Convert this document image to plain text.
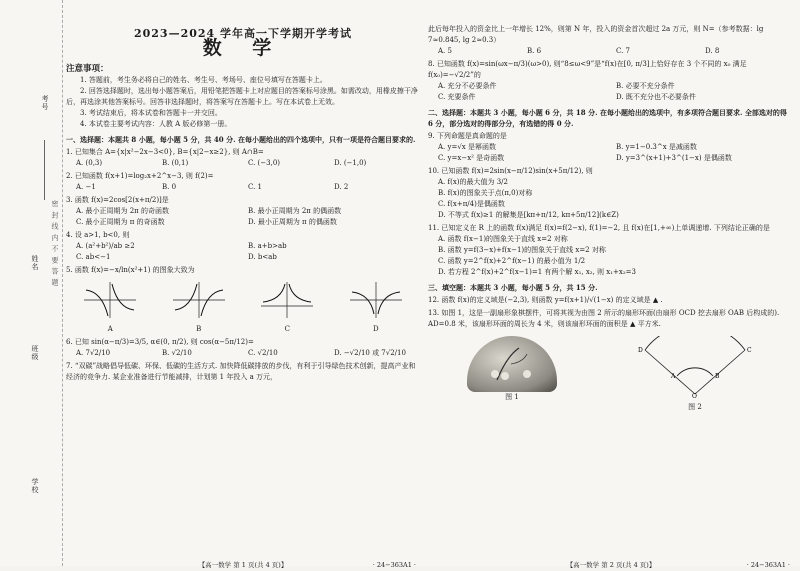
考号
姓名
班级
学校
密 封 线 内 不 要 答 题
2023—2024 学年高一下学期开学考试
数 学
注意事项：

1. 答题前，考生务必将自己的姓名、考生号、考场号、座位号填写在答题卡上。

2. 回答选择题时，选出每小题答案后，用铅笔把答题卡上对应题目的答案标号涂黑。如需改动，用橡皮擦干净后，再选涂其他答案标号。回答非选择题时，将答案写在答题卡上。写在本试卷上无效。

3. 考试结束后，将本试卷和答题卡一并交回。

4. 本试卷主要考试内容：人教 A 版必修第一册。

一、选择题：本题共 8 小题，每小题 5 分，共 40 分. 在每小题给出的四个选项中，只有一项是符合题目要求的.
1. 已知集合 A={x|x²−2x−3<0}, B={x|2−x≥2}, 则 A∩B=
A. (0,3)	B. (0,1)	C. (−3,0)	D. (−1,0)
2. 已知函数 f(x+1)=log₂x+2^x−3, 则 f(2)=
A. −1	B. 0	C. 1	D. 2
3. 函数 f(x)=2cos[2(x+π/2)]是
A. 最小正周期为 2π 的奇函数	B. 最小正周期为 2π 的偶函数
C. 最小正周期为 π 的奇函数	D. 最小正周期为 π 的偶函数
4. 设 a>1, b<0, 则
A. (a²+b²)/ab ≥2	B. a+b>ab
C. ab<−1	D. b<ab
5. 函数 f(x)=−x/ln(x²+1) 的图象大致为
A	B	C	D
6. 已知 sin(α−π/3)=3/5, α∈(0, π/2), 则 cos(α−5π/12)=
A. 7√2/10	B. √2/10	C. √2/10	D. −√2/10 或 7√2/10
7. “双碳”战略倡导低碳、环保、低碳的生活方式. 加快降低碳排放的步伐，有利于引导绿色技术创新，提高产业和经济的竞争力. 某企业准备进行节能减排，计划第 1 年投入 a 万元，
【高一数学 第 1 页(共 4 页)】	· 24−363A1 ·
此后每年投入的资金比上一年增长 12%，则第 N 年，投入的资金首次超过 2a 万元，则 N=（参考数据：lg 7≈0.845, lg 2≈0.3）
A. 5	B. 6	C. 7	D. 8
8. 已知函数 f(x)=sin(ωx−π/3)(ω>0), 则“8≤ω<9”是“f(x)在[0, π/3]上恰好存在 3 个不同的 x₀ 满足 f(x₀)=−√2/2”的
A. 充分不必要条件	B. 必要不充分条件
C. 充要条件	D. 既不充分也不必要条件
二、选择题：本题共 3 小题，每小题 6 分，共 18 分. 在每小题给出的选项中，有多项符合题目要求. 全部选对的得 6 分，部分选对的得部分分，有选错的得 0 分.
9. 下列命题是真命题的是
A. y=√x 是幂函数	B. y=1−0.3^x 是减函数
C. y=x−x² 是奇函数	D. y=3^(x+1)+3^(1−x) 是偶函数
10. 已知函数 f(x)=2sin(x−π/12)sin(x+5π/12), 则
A. f(x)的最大值为 3/2
B. f(x)的图象关于点(π,0)对称
C. f(x+π/4)是偶函数
D. 不等式 f(x)≥1 的解集是[kπ+π/12, kπ+5π/12](k∈Z)
11. 已知定义在 R 上的函数 f(x)满足 f(x)=f(2−x), f(1)=−2, 且 f(x)在[1,+∞)上单调递增. 下列结论正确的是
A. 函数 f(x−1)的图象关于直线 x=2 对称
B. 函数 y=f(3−x)+f(x−1)的图象关于直线 x=2 对称
C. 函数 y=2^f(x)+2^f(x−1) 的最小值为 1/2
D. 若方程 2^f(x)+2^f(x−1)=1 有两个解 x₁, x₂, 则 x₁+x₂=3
三、填空题：本题共 3 小题，每小题 5 分，共 15 分.
12. 函数 f(x)的定义域是(−2,3), 则函数 y=f(x+1)/√(1−x) 的定义域是 ▲ .
13. 如图 1，这是一副扇形象棋摆件，可将其视为由图 2 所示的扇形环面(由扇形 OCD 挖去扇形 OAB 后构成的). AD=0.8 米，该扇形环面的周长为 4 米，则该扇形环面的面积是 ▲ 平方米.
图 1	O
A	B
C
D
图 2
【高一数学 第 2 页(共 4 页)】	· 24−363A1 ·
